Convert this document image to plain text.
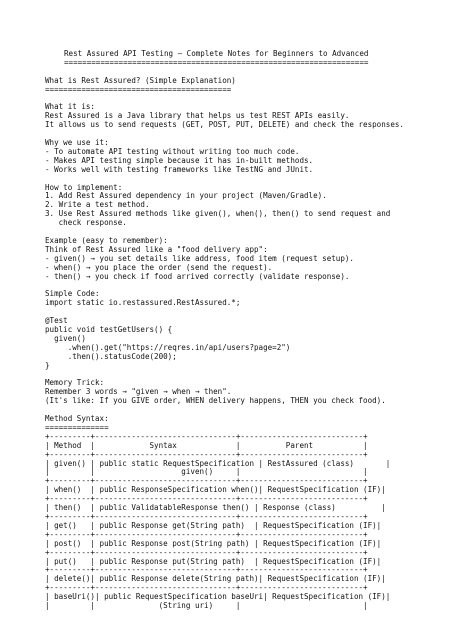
Rest Assured API Testing – Complete Notes for Beginners to Advanced
===================================================================
What is Rest Assured? (Simple Explanation)
=========================================
What it is:
Rest Assured is a Java library that helps us test REST APIs easily.
It allows us to send requests (GET, POST, PUT, DELETE) and check the responses.
Why we use it:
- To automate API testing without writing too much code.
- Makes API testing simple because it has in-built methods.
- Works well with testing frameworks like TestNG and JUnit.
How to implement:
1. Add Rest Assured dependency in your project (Maven/Gradle).
2. Write a test method.
3. Use Rest Assured methods like given(), when(), then() to send request and
check response.
Example (easy to remember):
Think of Rest Assured like a "food delivery app":
- given() → you set details like address, food item (request setup).
- when() → you place the order (send the request).
- then() → you check if food arrived correctly (validate response).
Simple Code:
import static io.restassured.RestAssured.*;
@Test
public void testGetUsers() {
given()
.when().get("https://reqres.in/api/users?page=2")
.then().statusCode(200);
}
Memory Trick:
Remember 3 words → "given → when → then".
(It's like: If you GIVE order, WHEN delivery happens, THEN you check food).
Method Syntax:
==============
+---------+-------------------------------+---------------------------+
| Method  |            Syntax             |          Parent           |
+---------+-------------------------------+---------------------------+
| given() | public static RequestSpecification | RestAssured (class)       |
|         |                   given()     |                           |
+---------+-------------------------------+---------------------------+
| when()  | public ResponseSpecification when()| RequestSpecification (IF)|
+---------+-------------------------------+---------------------------+
| then()  | public ValidatableResponse then() | Response (class)          |
+---------+-------------------------------+---------------------------+
| get()   | public Response get(String path)  | RequestSpecification (IF)|
+---------+-------------------------------+---------------------------+
| post()  | public Response post(String path) | RequestSpecification (IF)|
+---------+-------------------------------+---------------------------+
| put()   | public Response put(String path)  | RequestSpecification (IF)|
+---------+-------------------------------+---------------------------+
| delete()| public Response delete(String path)| RequestSpecification (IF)|
+---------+-------------------------------+---------------------------+
| baseUri()| public RequestSpecification baseUri| RequestSpecification (IF)|
|         |              (String uri)     |                           |
